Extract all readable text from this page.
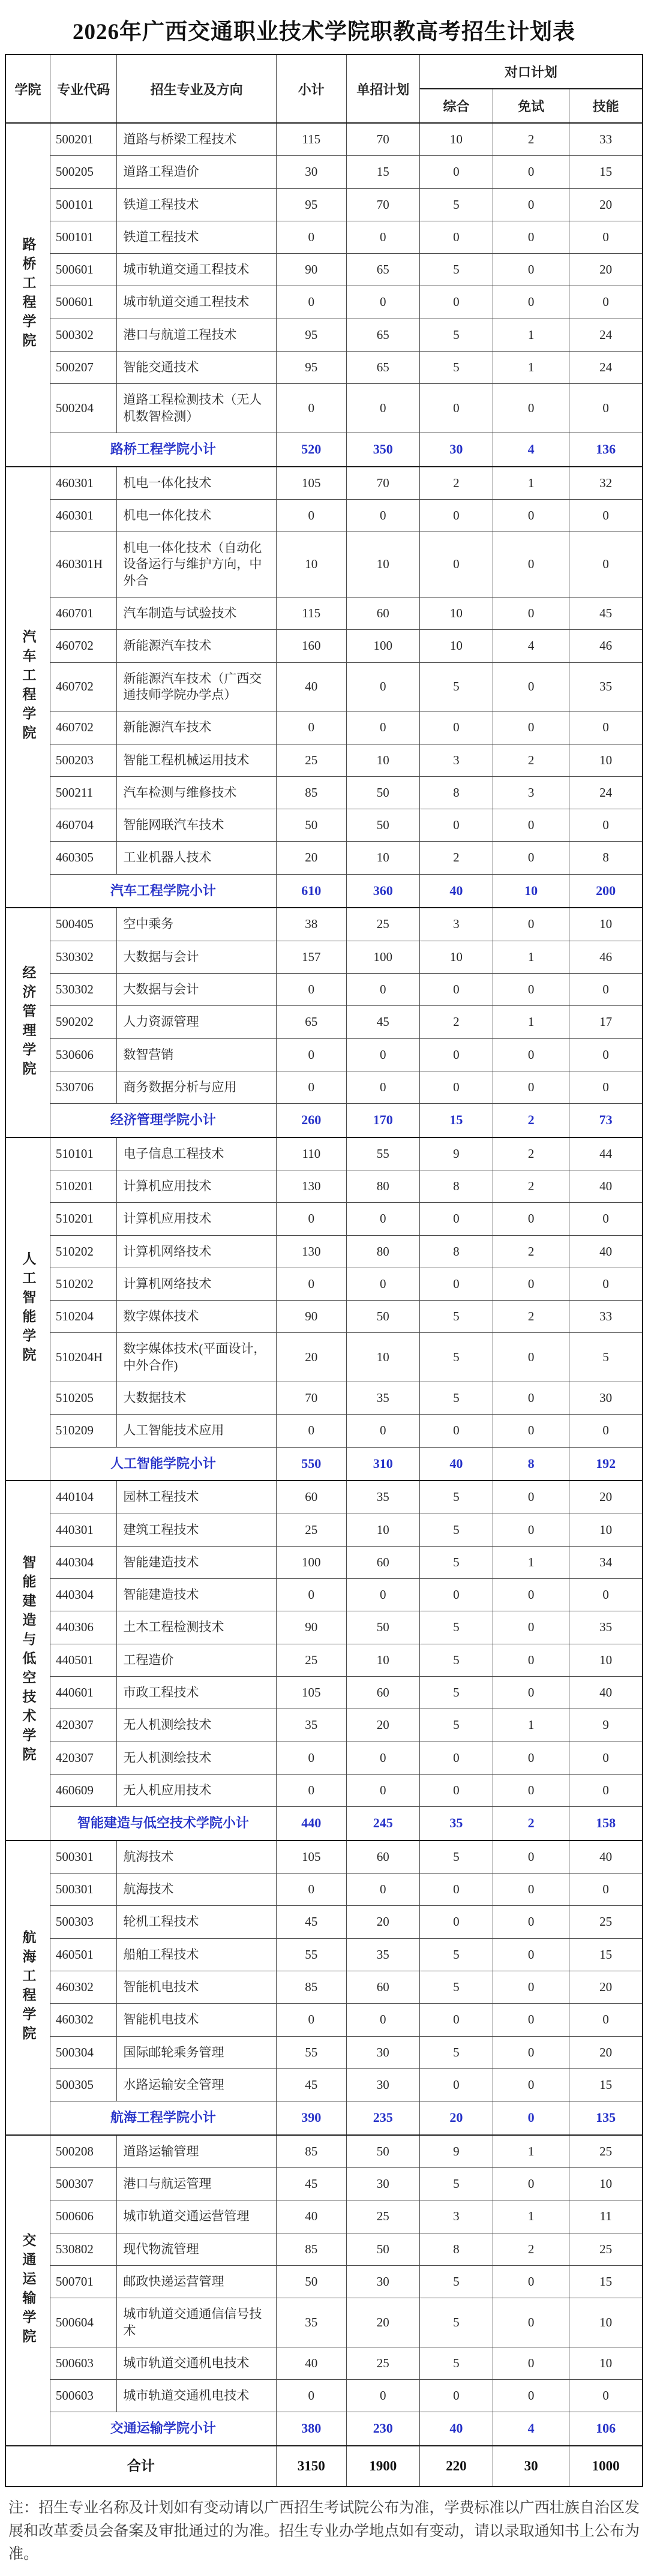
2026年广西交通职业技术学院职教高考招生计划表
学院	专业代码	招生专业及方向	小计	单招计划	对口计划		
					综合	免试	技能
路桥工程学院	500201	道路与桥梁工程技术	115	70	10	2	33
	500205	道路工程造价	30	15	0	0	15
	500101	铁道工程技术	95	70	5	0	20
	500101	铁道工程技术	0	0	0	0	0
	500601	城市轨道交通工程技术	90	65	5	0	20
	500601	城市轨道交通工程技术	0	0	0	0	0
	500302	港口与航道工程技术	95	65	5	1	24
	500207	智能交通技术	95	65	5	1	24
	500204	道路工程检测技术（无人机数智检测）	0	0	0	0	0
	路桥工程学院小计		520	350	30	4	136
汽车工程学院	460301	机电一体化技术	105	70	2	1	32
	460301	机电一体化技术	0	0	0	0	0
	460301H	机电一体化技术（自动化设备运行与维护方向，中外合	10	10	0	0	0
	460701	汽车制造与试验技术	115	60	10	0	45
	460702	新能源汽车技术	160	100	10	4	46
	460702	新能源汽车技术（广西交通技师学院办学点）	40	0	5	0	35
	460702	新能源汽车技术	0	0	0	0	0
	500203	智能工程机械运用技术	25	10	3	2	10
	500211	汽车检测与维修技术	85	50	8	3	24
	460704	智能网联汽车技术	50	50	0	0	0
	460305	工业机器人技术	20	10	2	0	8
	汽车工程学院小计		610	360	40	10	200
经济管理学院	500405	空中乘务	38	25	3	0	10
	530302	大数据与会计	157	100	10	1	46
	530302	大数据与会计	0	0	0	0	0
	590202	人力资源管理	65	45	2	1	17
	530606	数智营销	0	0	0	0	0
	530706	商务数据分析与应用	0	0	0	0	0
	经济管理学院小计		260	170	15	2	73
人工智能学院	510101	电子信息工程技术	110	55	9	2	44
	510201	计算机应用技术	130	80	8	2	40
	510201	计算机应用技术	0	0	0	0	0
	510202	计算机网络技术	130	80	8	2	40
	510202	计算机网络技术	0	0	0	0	0
	510204	数字媒体技术	90	50	5	2	33
	510204H	数字媒体技术(平面设计，中外合作)	20	10	5	0	5
	510205	大数据技术	70	35	5	0	30
	510209	人工智能技术应用	0	0	0	0	0
	人工智能学院小计		550	310	40	8	192
智能建造与低空技术学院	440104	园林工程技术	60	35	5	0	20
	440301	建筑工程技术	25	10	5	0	10
	440304	智能建造技术	100	60	5	1	34
	440304	智能建造技术	0	0	0	0	0
	440306	土木工程检测技术	90	50	5	0	35
	440501	工程造价	25	10	5	0	10
	440601	市政工程技术	105	60	5	0	40
	420307	无人机测绘技术	35	20	5	1	9
	420307	无人机测绘技术	0	0	0	0	0
	460609	无人机应用技术	0	0	0	0	0
	智能建造与低空技术学院小计		440	245	35	2	158
航海工程学院	500301	航海技术	105	60	5	0	40
	500301	航海技术	0	0	0	0	0
	500303	轮机工程技术	45	20	0	0	25
	460501	船舶工程技术	55	35	5	0	15
	460302	智能机电技术	85	60	5	0	20
	460302	智能机电技术	0	0	0	0	0
	500304	国际邮轮乘务管理	55	30	5	0	20
	500305	水路运输安全管理	45	30	0	0	15
	航海工程学院小计		390	235	20	0	135
交通运输学院	500208	道路运输管理	85	50	9	1	25
	500307	港口与航运管理	45	30	5	0	10
	500606	城市轨道交通运营管理	40	25	3	1	11
	530802	现代物流管理	85	50	8	2	25
	500701	邮政快递运营管理	50	30	5	0	15
	500604	城市轨道交通通信信号技术	35	20	5	0	10
	500603	城市轨道交通机电技术	40	25	5	0	10
	500603	城市轨道交通机电技术	0	0	0	0	0
	交通运输学院小计		380	230	40	4	106
合计			3150	1900	220	30	1000
注：招生专业名称及计划如有变动请以广西招生考试院公布为准，学费标准以广西壮族自治区发展和改革委员会备案及审批通过的为准。招生专业办学地点如有变动，请以录取通知书上公布为准。
